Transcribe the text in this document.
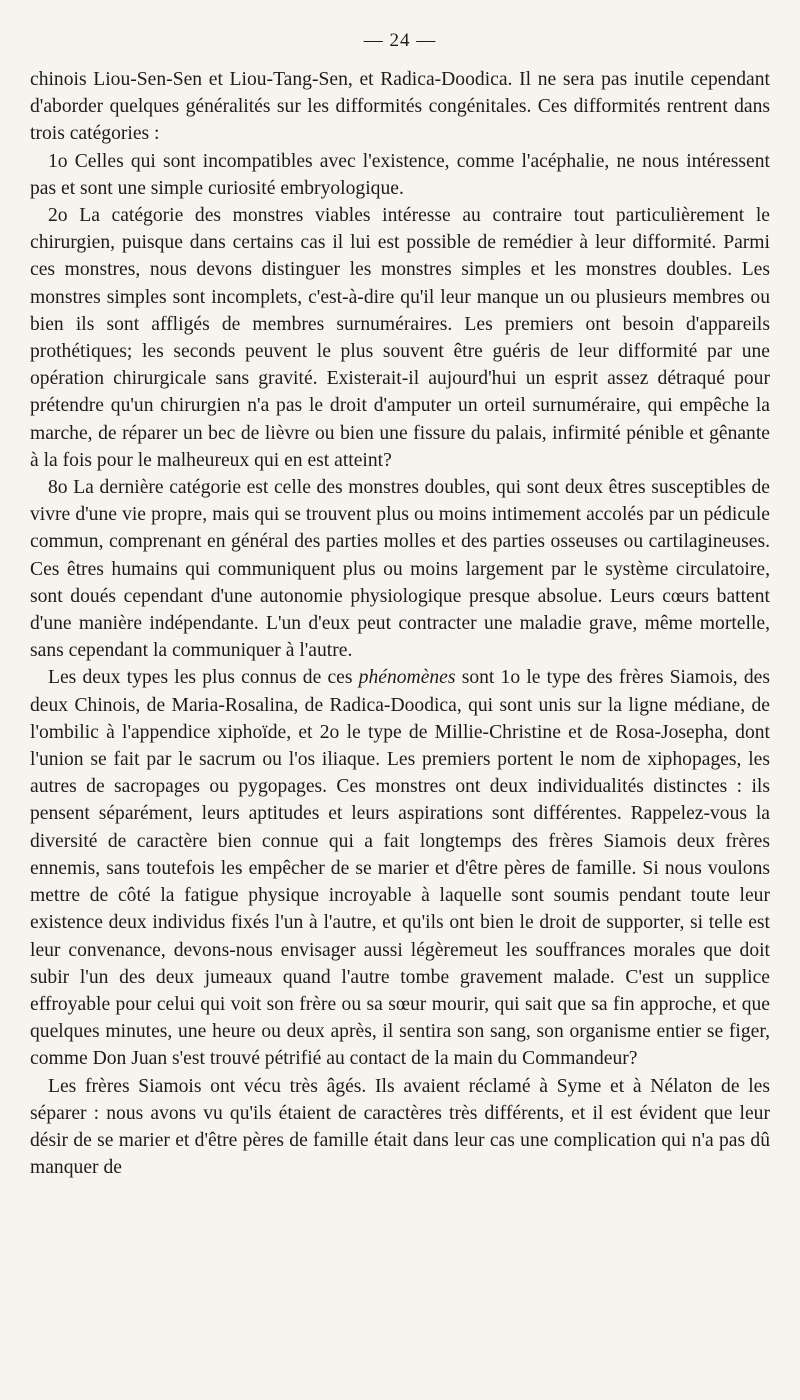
— 24 —

chinois Liou-Sen-Sen et Liou-Tang-Sen, et Radica-Doodica. Il ne sera pas inutile cependant d'aborder quelques généralités sur les difformités congénitales. Ces difformités rentrent dans trois catégories :

1o Celles qui sont incompatibles avec l'existence, comme l'acéphalie, ne nous intéressent pas et sont une simple curiosité embryologique.

2o La catégorie des monstres viables intéresse au contraire tout particulièrement le chirurgien, puisque dans certains cas il lui est possible de remédier à leur difformité. Parmi ces monstres, nous devons distinguer les monstres simples et les monstres doubles. Les monstres simples sont incomplets, c'est-à-dire qu'il leur manque un ou plusieurs membres ou bien ils sont affligés de membres surnuméraires. Les premiers ont besoin d'appareils prothétiques; les seconds peuvent le plus souvent être guéris de leur difformité par une opération chirurgicale sans gravité. Existerait-il aujourd'hui un esprit assez détraqué pour prétendre qu'un chirurgien n'a pas le droit d'amputer un orteil surnuméraire, qui empêche la marche, de réparer un bec de lièvre ou bien une fissure du palais, infirmité pénible et gênante à la fois pour le malheureux qui en est atteint?

8o La dernière catégorie est celle des monstres doubles, qui sont deux êtres susceptibles de vivre d'une vie propre, mais qui se trouvent plus ou moins intimement accolés par un pédicule commun, comprenant en général des parties molles et des parties osseuses ou cartilagineuses. Ces êtres humains qui communiquent plus ou moins largement par le système circulatoire, sont doués cependant d'une autonomie physiologique presque absolue. Leurs cœurs battent d'une manière indépendante. L'un d'eux peut contracter une maladie grave, même mortelle, sans cependant la communiquer à l'autre.

Les deux types les plus connus de ces phénomènes sont 1o le type des frères Siamois, des deux Chinois, de Maria-Rosalina, de Radica-Doodica, qui sont unis sur la ligne médiane, de l'ombilic à l'appendice xiphoïde, et 2o le type de Millie-Christine et de Rosa-Josepha, dont l'union se fait par le sacrum ou l'os iliaque. Les premiers portent le nom de xiphopages, les autres de sacropages ou pygopages. Ces monstres ont deux individualités distinctes : ils pensent séparément, leurs aptitudes et leurs aspirations sont différentes. Rappelez-vous la diversité de caractère bien connue qui a fait longtemps des frères Siamois deux frères ennemis, sans toutefois les empêcher de se marier et d'être pères de famille. Si nous voulons mettre de côté la fatigue physique incroyable à laquelle sont soumis pendant toute leur existence deux individus fixés l'un à l'autre, et qu'ils ont bien le droit de supporter, si telle est leur convenance, devons-nous envisager aussi légèremeut les souffrances morales que doit subir l'un des deux jumeaux quand l'autre tombe gravement malade. C'est un supplice effroyable pour celui qui voit son frère ou sa sœur mourir, qui sait que sa fin approche, et que quelques minutes, une heure ou deux après, il sentira son sang, son organisme entier se figer, comme Don Juan s'est trouvé pétrifié au contact de la main du Commandeur?

Les frères Siamois ont vécu très âgés. Ils avaient réclamé à Syme et à Nélaton de les séparer : nous avons vu qu'ils étaient de caractères très différents, et il est évident que leur désir de se marier et d'être pères de famille était dans leur cas une complication qui n'a pas dû manquer de
